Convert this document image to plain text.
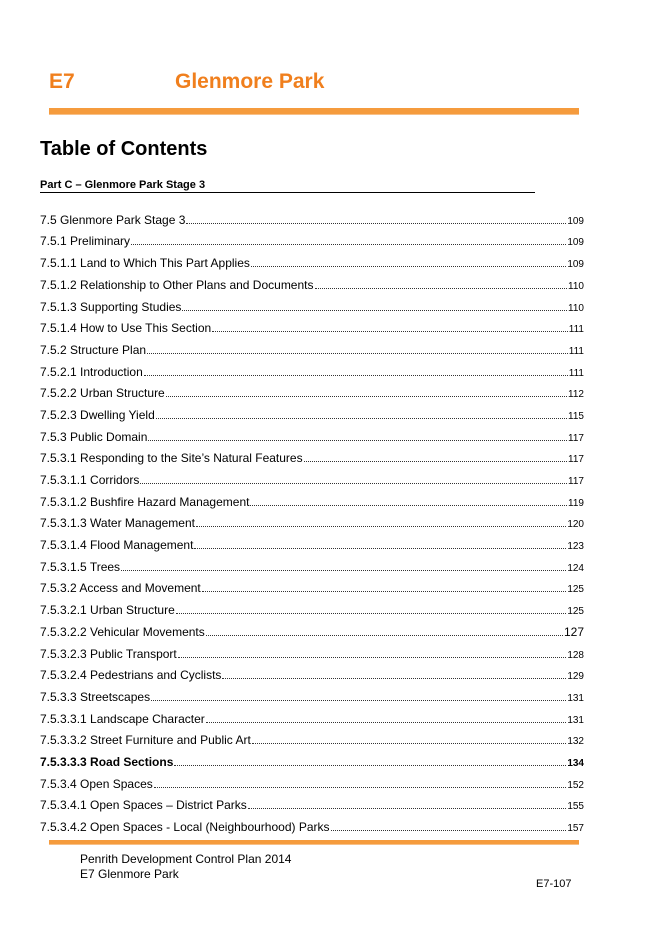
E7	Glenmore Park
Table of Contents
Part C – Glenmore Park Stage 3
7.5 Glenmore Park Stage 3	109
7.5.1 Preliminary	109
7.5.1.1 Land to Which This Part Applies	109
7.5.1.2 Relationship to Other Plans and Documents	110
7.5.1.3 Supporting Studies	110
7.5.1.4 How to Use This Section	111
7.5.2 Structure Plan	111
7.5.2.1 Introduction	111
7.5.2.2 Urban Structure	112
7.5.2.3 Dwelling Yield	115
7.5.3 Public Domain	117
7.5.3.1 Responding to the Site’s Natural Features	117
7.5.3.1.1 Corridors	117
7.5.3.1.2 Bushfire Hazard Management	119
7.5.3.1.3 Water Management	120
7.5.3.1.4 Flood Management	123
7.5.3.1.5 Trees	124
7.5.3.2 Access and Movement	125
7.5.3.2.1 Urban Structure	125
7.5.3.2.2 Vehicular Movements	127
7.5.3.2.3 Public Transport	128
7.5.3.2.4 Pedestrians and Cyclists	129
7.5.3.3 Streetscapes	131
7.5.3.3.1 Landscape Character	131
7.5.3.3.2 Street Furniture and Public Art	132
7.5.3.3.3 Road Sections	134
7.5.3.4 Open Spaces	152
7.5.3.4.1 Open Spaces – District Parks	155
7.5.3.4.2 Open Spaces - Local (Neighbourhood) Parks	157
Penrith Development Control Plan 2014
E7 Glenmore Park
E7-107
